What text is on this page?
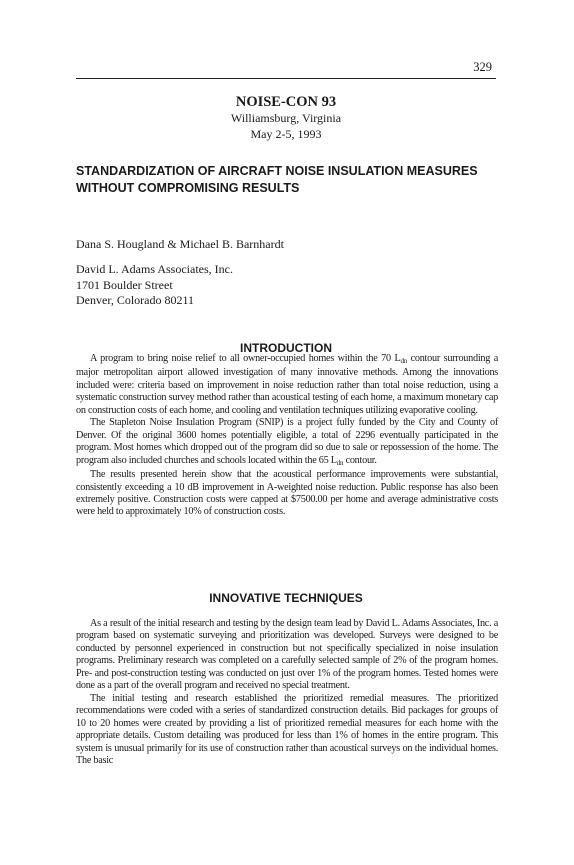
329
NOISE-CON 93
Williamsburg, Virginia
May 2-5, 1993
STANDARDIZATION OF AIRCRAFT NOISE INSULATION MEASURES
WITHOUT COMPROMISING RESULTS
Dana S. Hougland & Michael B. Barnhardt
David L. Adams Associates, Inc.
1701 Boulder Street
Denver, Colorado 80211
INTRODUCTION

A program to bring noise relief to all owner-occupied homes within the 70 $L_{dn}$ contour surrounding a major metropolitan airport allowed investigation of many innovative methods. Among the innovations included were: criteria based on improvement in noise reduction rather than total noise reduction, using a systematic construction survey method rather than acoustical testing of each home, a maximum monetary cap on construction costs of each home, and cooling and ventilation techniques utilizing evaporative cooling.

The Stapleton Noise Insulation Program (SNIP) is a project fully funded by the City and County of Denver. Of the original 3600 homes potentially eligible, a total of 2296 eventually participated in the program. Most homes which dropped out of the program did so due to sale or repossession of the home. The program also included churches and schools located within the 65 $L_{dn}$ contour.

The results presented herein show that the acoustical performance improvements were substantial, consistently exceeding a 10 dB improvement in A-weighted noise reduction. Public response has also been extremely positive. Construction costs were capped at $7500.00 per home and average administrative costs were held to approximately 10% of construction costs.

INNOVATIVE TECHNIQUES

As a result of the initial research and testing by the design team lead by David L. Adams Associates, Inc. a program based on systematic surveying and prioritization was developed. Surveys were designed to be conducted by personnel experienced in construction but not specifically specialized in noise insulation programs. Preliminary research was completed on a carefully selected sample of 2% of the program homes. Pre- and post-construction testing was conducted on just over 1% of the program homes. Tested homes were done as a part of the overall program and received no special treatment.

The initial testing and research established the prioritized remedial measures. The prioritized recommendations were coded with a series of standardized construction details. Bid packages for groups of 10 to 20 homes were created by providing a list of prioritized remedial measures for each home with the appropriate details. Custom detailing was produced for less than 1% of homes in the entire program. This system is unusual primarily for its use of construction rather than acoustical surveys on the individual homes. The basic
